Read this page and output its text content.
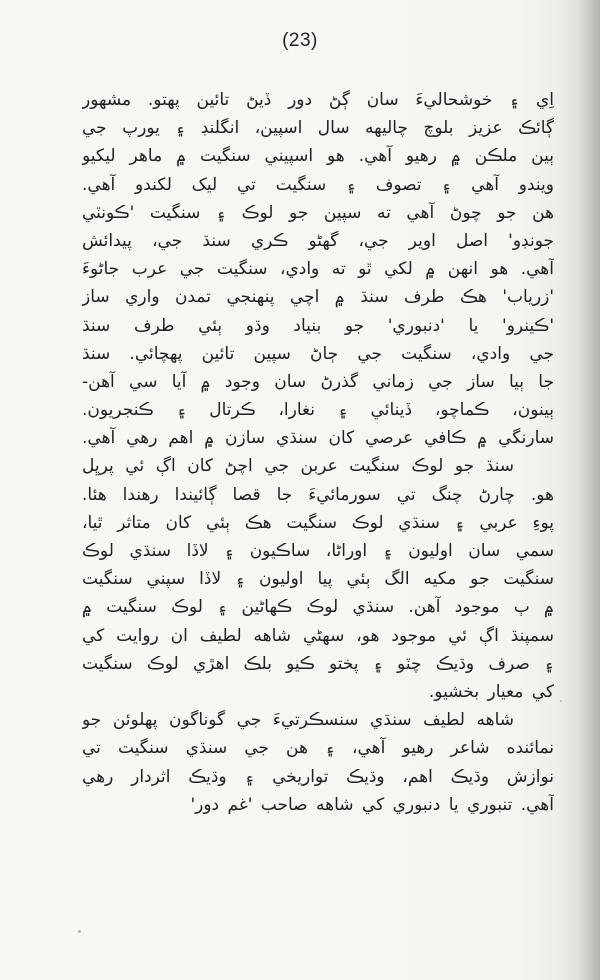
(23)
اِي ۽ خوشحاليءَ سان ڳڻ دور ڏيڻ تائين پهتو. مشهور
ڳائڪ عزيز بلوچ چاليهه سال اسپين، انگلنڊ ۽ يورپ جي
ٻين ملڪن ۾ رهيو آهي. هو اسپيني سنگيت ۾ ماهر ليکيو
ويندو آهي ۽ تصوف ۽ سنگيت تي ليک لکندو آهي.
هن جو چوڻ آهي ته سپين جو لوڪ ۽ سنگيت 'ڪونٽي
جونڊو' اصل اوير جي، گهڻو ڪري سنڌ جي، پيدائش
آهي. هو انهن ۾ لکي ٿو ته وادي، سنگيت جي عرب جاڻوءَ
'زرياب' هڪ طرف سنڌ ۾ اچي پنهنجي تمدن واري ساز
'ڪينرو' يا 'دنبوري' جو بنياد وڌو ٻئي طرف سنڌ
جي وادي، سنگيت جي ڄاڻ سپين تائين پهچائي. سنڌ
جا ٻيا ساز جي زماني گذرڻ سان وجود ۾ آيا سي آهن-
ٻينون، ڪماچو، ڏينائي ۽ نغارا، ڪرتال ۽ ڪنجريون.
سارنگي ۾ ڪافي عرصي کان سنڌي سازن ۾ اهم رهي آهي.
سنڌ جو لوڪ سنگيت عربن جي اچڻ کان اڳ ئي پرڀل
هو. چارڻ چنگ تي سورمائيءَ جا قصا ڳائيندا رهندا هئا.
پوءِ عربي ۽ سنڌي لوڪ سنگيت هڪ ٻئي کان متاثر ٿيا،
سمي سان اوليون ۽ اوراڻا، ساڪيون ۽ لاڏا سنڌي لوڪ
سنگيت جو مکيه الگ ٻئي پيا اوليون ۽ لاڏا سپني سنگيت
۾ ٻ موجود آهن. سنڌي لوڪ ڪهاڻين ۽ لوڪ سنگيت ۾
سمپنڌ اڳ ئي موجود هو، سهڻي شاهه لطيف ان روايت کي
۽ صرف وڌيڪ چٽو ۽ پختو ڪيو بلڪ اهڙي لوڪ سنگيت
کي معيار بخشيو.
شاهه لطيف سنڌي سنسڪرتيءَ جي گوناگون پهلوئن جو
نمائنده شاعر رهيو آهي، ۽ هن جي سنڌي سنگيت تي
نوازش وڌيڪ اهم، وڌيڪ تواريخي ۽ وڌيڪ اثردار رهي
آهي. تنبوري يا دنبوري کي شاهه صاحب 'غم دور'
